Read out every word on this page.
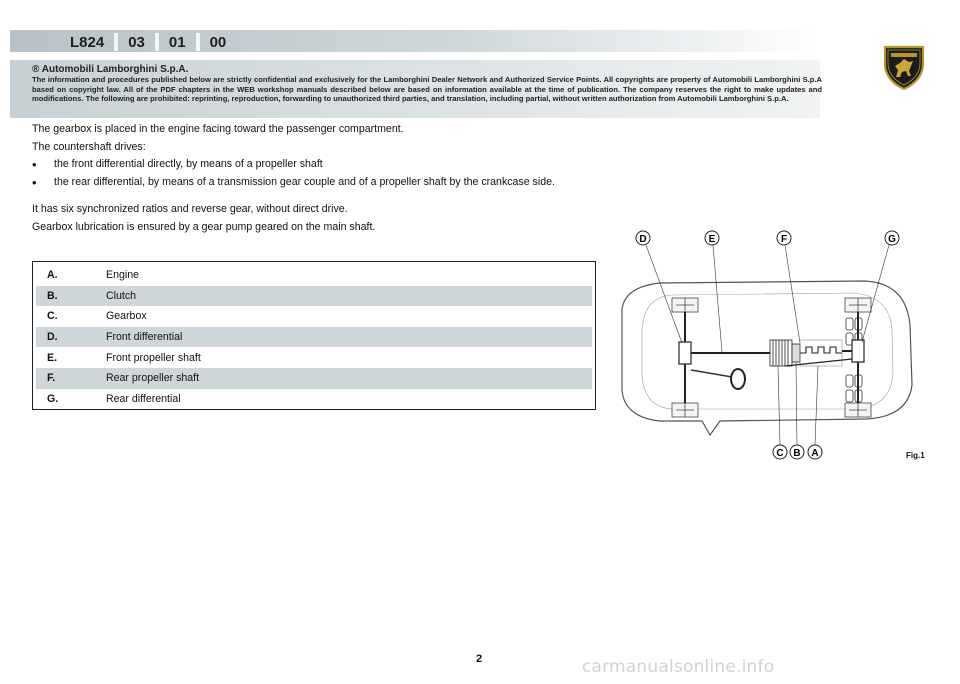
L824 03 01 00
® Automobili Lamborghini S.p.A.
The information and procedures published below are strictly confidential and exclusively for the Lamborghini Dealer Network and Authorized Service Points. All copyrights are property of Automobili Lamborghini S.p.A based on copyright law. All of the PDF chapters in the WEB workshop manuals described below are based on information available at the time of publication. The company reserves the right to make updates and modifications. The following are prohibited: reprinting, reproduction, forwarding to unauthorized third parties, and translation, including partial, without written authorization from Automobili Lamborghini S.p.A.

The gearbox is placed in the engine facing toward the passenger compartment.

The countershaft drives:

• the front differential directly, by means of a propeller shaft
• the rear differential, by means of a transmission gear couple and of a propeller shaft by the crankcase side.

It has six synchronized ratios and reverse gear, without direct drive.

Gearbox lubrication is ensured by a gear pump geared on the main shaft.

A.	Engine
B.	Clutch
C.	Gearbox
D.	Front differential
E.	Front propeller shaft
F.	Rear propeller shaft
G.	Rear differential
D	E	F	G
C B A	Fig.1
2	carmanualsonline.info
